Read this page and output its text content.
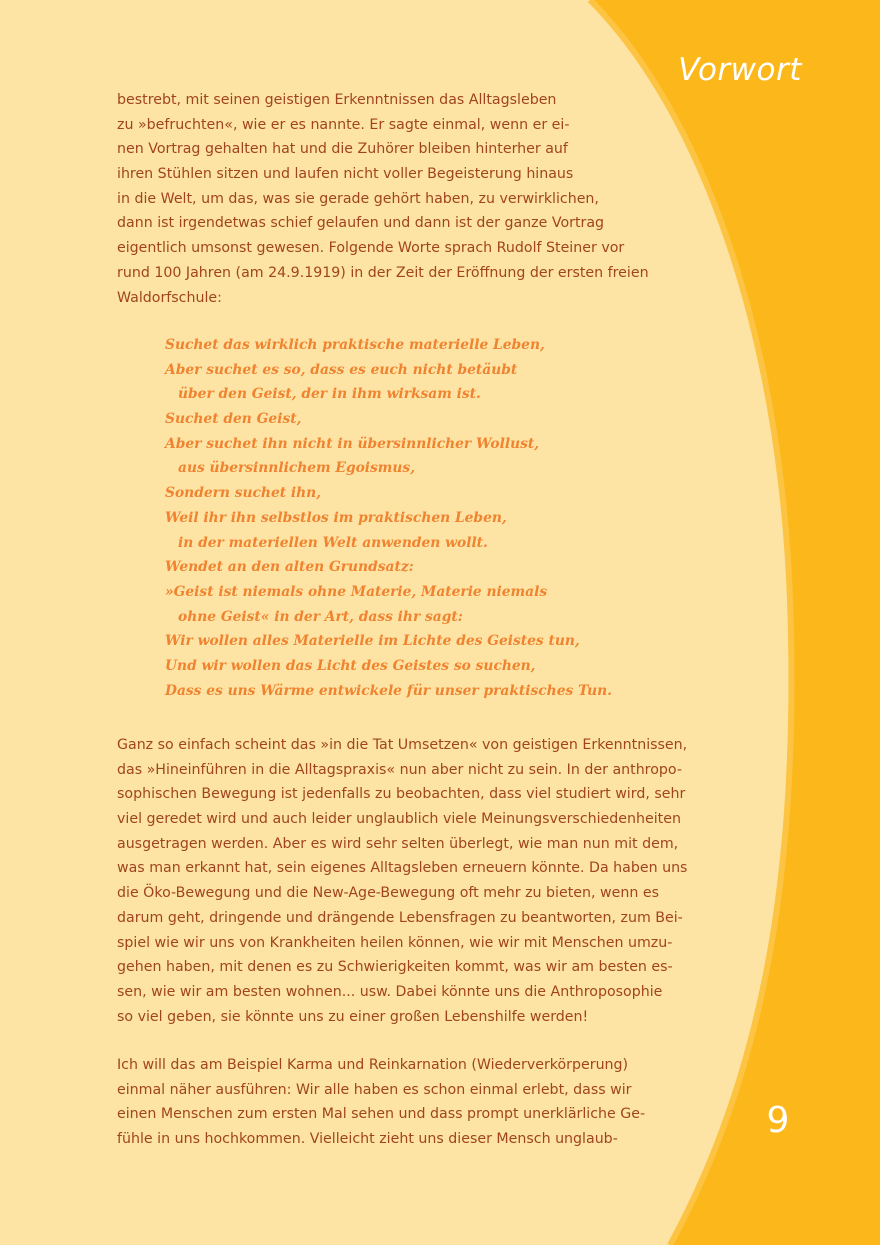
Vorwort
bestrebt, mit seinen geistigen Erkenntnissen das Alltagsleben
zu »befruchten«, wie er es nannte. Er sagte einmal, wenn er ei-
nen Vortrag gehalten hat und die Zuhörer bleiben hinterher auf
ihren Stühlen sitzen und laufen nicht voller Begeisterung hinaus
in die Welt, um das, was sie gerade gehört haben, zu verwirklichen,
dann ist irgendetwas schief gelaufen und dann ist der ganze Vortrag
eigentlich umsonst gewesen. Folgende Worte sprach Rudolf Steiner vor
rund 100 Jahren (am 24.9.1919) in der Zeit der Eröffnung der ersten freien
Waldorfschule:
Suchet das wirklich praktische materielle Leben,
Aber suchet es so, dass es euch nicht betäubt
über den Geist, der in ihm wirksam ist.
Suchet den Geist,
Aber suchet ihn nicht in übersinnlicher Wollust,
aus übersinnlichem Egoismus,
Sondern suchet ihn,
Weil ihr ihn selbstlos im praktischen Leben,
in der materiellen Welt anwenden wollt.
Wendet an den alten Grundsatz:
»Geist ist niemals ohne Materie, Materie niemals
ohne Geist« in der Art, dass ihr sagt:
Wir wollen alles Materielle im Lichte des Geistes tun,
Und wir wollen das Licht des Geistes so suchen,
Dass es uns Wärme entwickele für unser praktisches Tun.
Ganz so einfach scheint das »in die Tat Umsetzen« von geistigen Erkenntnissen,
das »Hineinführen in die Alltagspraxis« nun aber nicht zu sein. In der anthropo-
sophischen Bewegung ist jedenfalls zu beobachten, dass viel studiert wird, sehr
viel geredet wird und auch leider unglaublich viele Meinungsverschiedenheiten
ausgetragen werden. Aber es wird sehr selten überlegt, wie man nun mit dem,
was man erkannt hat, sein eigenes Alltagsleben erneuern könnte. Da haben uns
die Öko-Bewegung und die New-Age-Bewegung oft mehr zu bieten, wenn es
darum geht, dringende und drängende Lebensfragen zu beantworten, zum Bei-
spiel wie wir uns von Krankheiten heilen können, wie wir mit Menschen umzu-
gehen haben, mit denen es zu Schwierigkeiten kommt, was wir am besten es-
sen, wie wir am besten wohnen... usw. Dabei könnte uns die Anthroposophie
so viel geben, sie könnte uns zu einer großen Lebenshilfe werden!
Ich will das am Beispiel Karma und Reinkarnation (Wiederverkörperung)
einmal näher ausführen: Wir alle haben es schon einmal erlebt, dass wir
einen Menschen zum ersten Mal sehen und dass prompt unerklärliche Ge-
fühle in uns hochkommen. Vielleicht zieht uns dieser Mensch unglaub-	9
